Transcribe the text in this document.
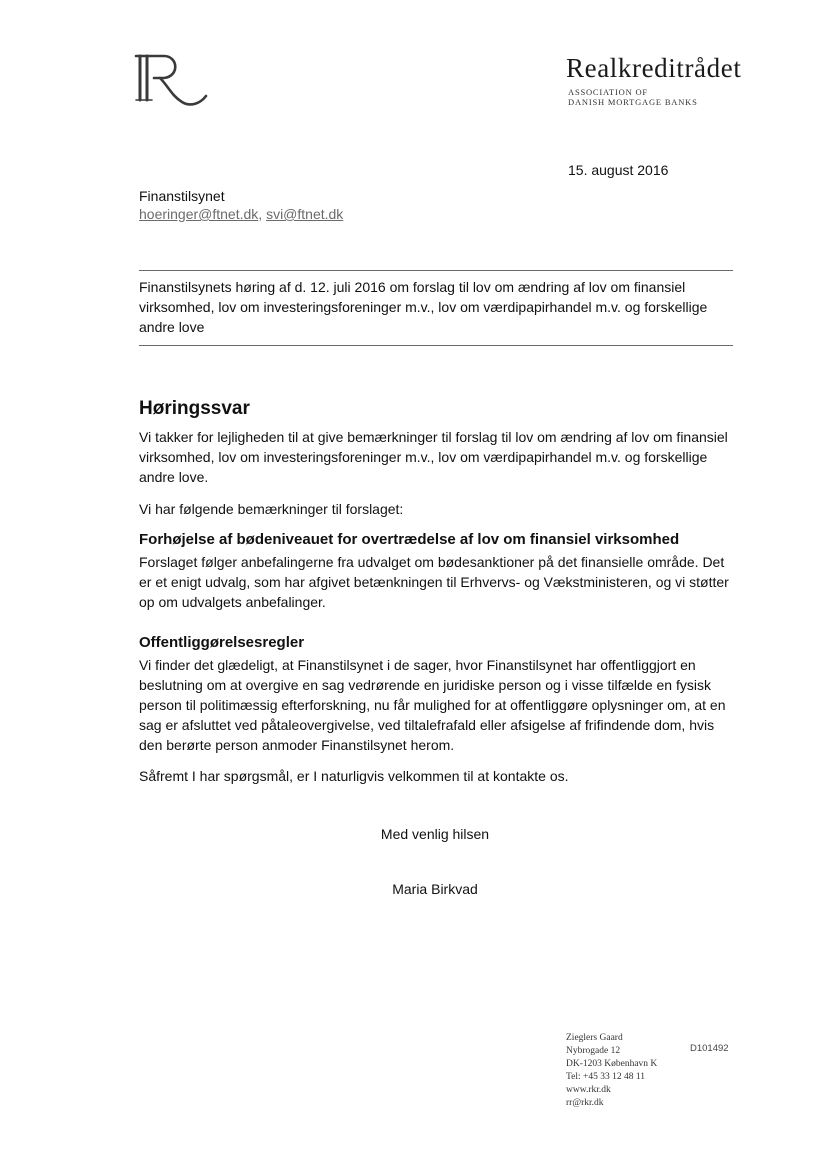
Realkreditrådet
ASSOCIATION OF
DANISH MORTGAGE BANKS
15. august 2016
Finanstilsynet
hoeringer@ftnet.dk, svi@ftnet.dk
Finanstilsynets høring af d. 12. juli 2016 om forslag til lov om ændring af lov om finansiel virksomhed, lov om investeringsforeninger m.v., lov om værdipapirhandel m.v. og forskellige andre love
Høringssvar
Vi takker for lejligheden til at give bemærkninger til forslag til lov om ændring af lov om finansiel virksomhed, lov om investeringsforeninger m.v., lov om værdipapirhandel m.v. og forskellige andre love.
Vi har følgende bemærkninger til forslaget:
Forhøjelse af bødeniveauet for overtrædelse af lov om finansiel virksomhed
Forslaget følger anbefalingerne fra udvalget om bødesanktioner på det finansielle område. Det er et enigt udvalg, som har afgivet betænkningen til Erhvervs- og Vækstministeren, og vi støtter op om udvalgets anbefalinger.
Offentliggørelsesregler
Vi finder det glædeligt, at Finanstilsynet i de sager, hvor Finanstilsynet har offentliggjort en beslutning om at overgive en sag vedrørende en juridiske person og i visse tilfælde en fysisk person til politimæssig efterforskning, nu får mulighed for at offentliggøre oplysninger om, at en sag er afsluttet ved påtaleovergivelse, ved tiltalefrafald eller afsigelse af frifindende dom, hvis den berørte person anmoder Finanstilsynet herom.
Såfremt I har spørgsmål, er I naturligvis velkommen til at kontakte os.
Med venlig hilsen
Maria Birkvad
Zieglers Gaard
Nybrogade 12
DK-1203 København K
Tel: +45 33 12 48 11
www.rkr.dk
rr@rkr.dk
D101492
